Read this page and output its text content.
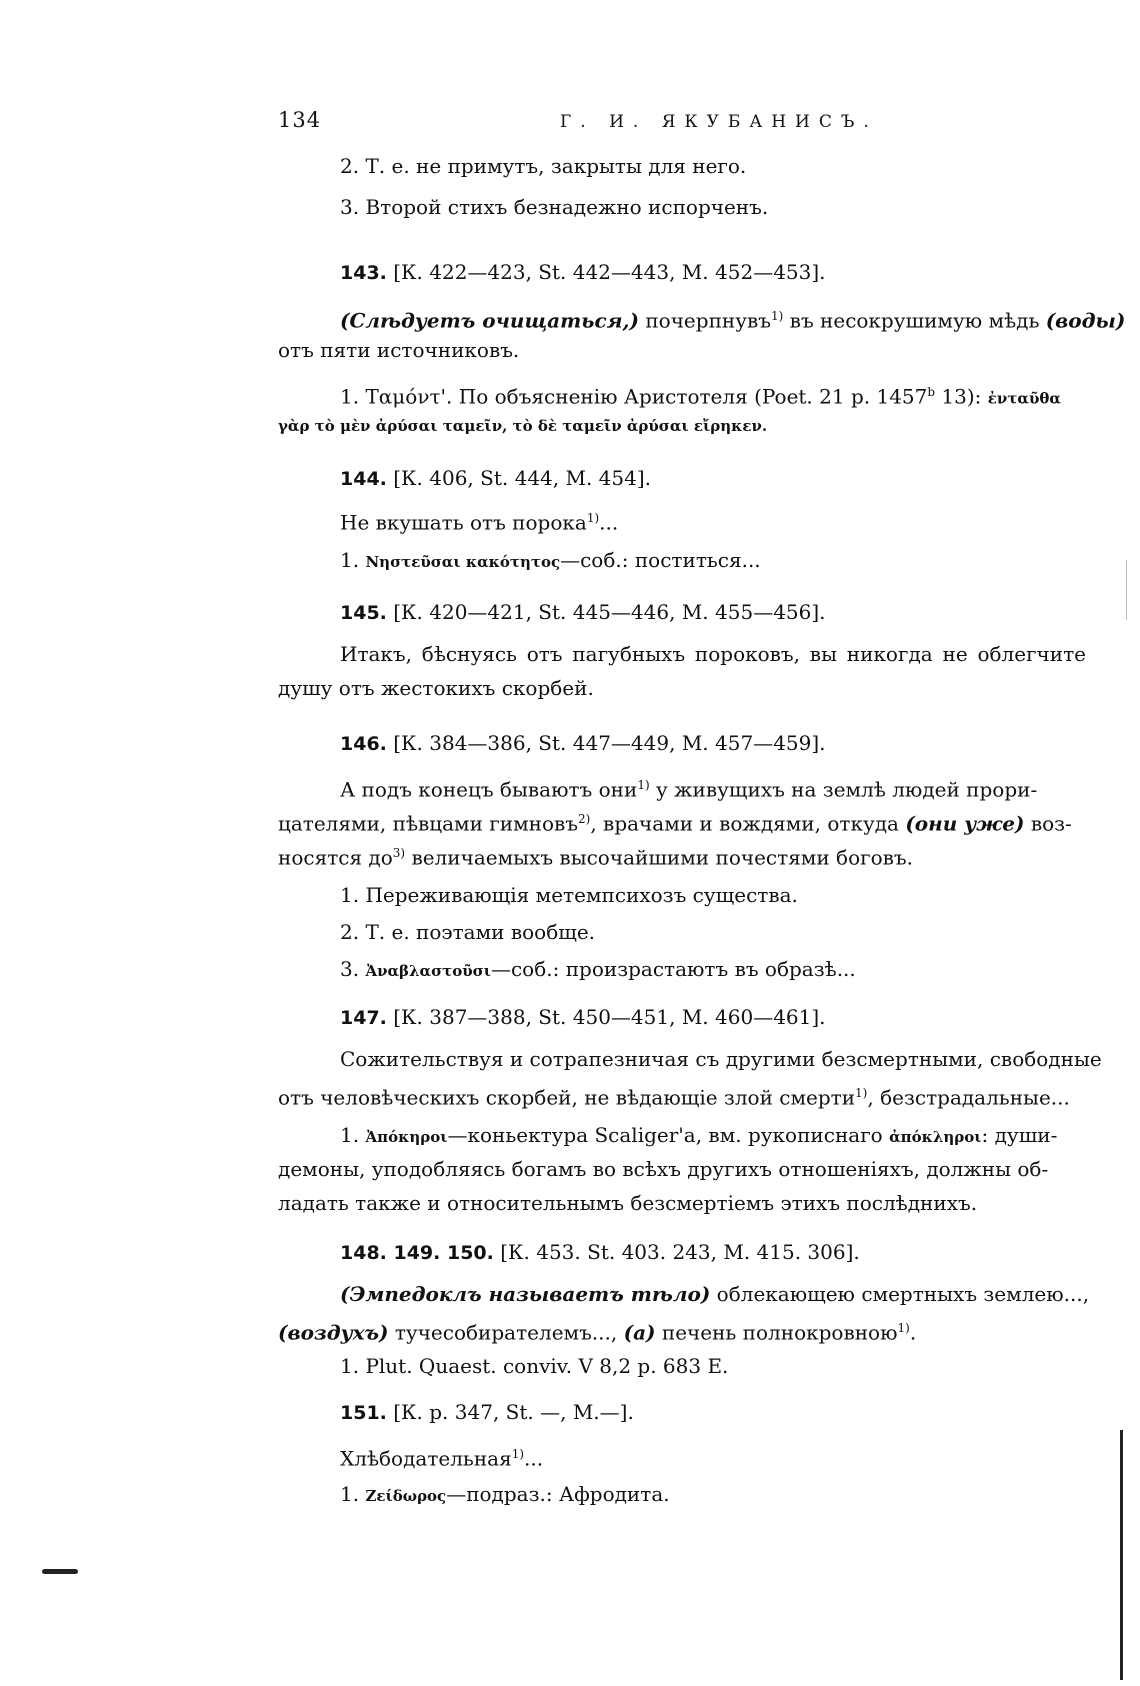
134	Г. И. ЯКУБАНИСЪ.
2. Т. е. не примутъ, закрыты для него.
3. Второй стихъ безнадежно испорченъ.
143. [К. 422—423, St. 442—443, М. 452—453].
(Слѣдуетъ очищаться,) почерпнувъ$^{1)}$ въ несокрушимую мѣдь (воды)
отъ пяти источниковъ.
1. Ταμόντ'. По объясненію Аристотеля (Poet. 21 р. 1457$^b$ 13): ἐνταῦθα
γὰρ τὸ μὲν ἀρύσαι ταμεῖν, τὸ δὲ ταμεῖν ἀρύσαι εἴρηκεν.
144. [К. 406, St. 444, М. 454].
Не вкушать отъ порока$^{1)}$...
1. Νηστεῦσαι κακότητος—соб.: поститься...
145. [К. 420—421, St. 445—446, М. 455—456].
Итакъ, бѣснуясь отъ пагубныхъ пороковъ, вы никогда не облегчите
душу отъ жестокихъ скорбей.
146. [К. 384—386, St. 447—449, М. 457—459].
А подъ конецъ бываютъ они$^{1)}$ у живущихъ на землѣ людей прори-
цателями, пѣвцами гимновъ$^{2)}$, врачами и вождями, откуда (они уже) воз-
носятся $до^{3)}$ величаемыхъ высочайшими почестями боговъ.
1. Переживающія метемпсихозъ существа.
2. Т. е. поэтами вообще.
3. Ἀναβλαστοῦσι—соб.: произрастаютъ въ образѣ...
147. [К. 387—388, St. 450—451, М. 460—461].
Сожительствуя и сотрапезничая съ другими безсмертными, свободные
отъ человѣческихъ скорбей, не вѣдающіе злой смерти$^{1)}$, безстрадальные...
1. Ἀπόκηροι—коньектура Scaliger'а, вм. рукописнаго ἀπόκληροι: души-
демоны, уподобляясь богамъ во всѣхъ другихъ отношеніяхъ, должны об-
ладать также и относительнымъ безсмертіемъ этихъ послѣднихъ.
148. 149. 150. [К. 453. St. 403. 243, М. 415. 306].
(Эмпедоклъ называетъ тѣло) облекающею смертныхъ землею...,
(воздухъ) тучесобирателемъ..., (а) печень полнокровною$^{1)}$.
1. Plut. Quaest. conviv. V 8,2 р. 683 E.
151. [К. р. 347, St. —, М.—].
Хлѣбодательная$^{1)}$...
1. Ζείδωρος—подраз.: Афродита.
